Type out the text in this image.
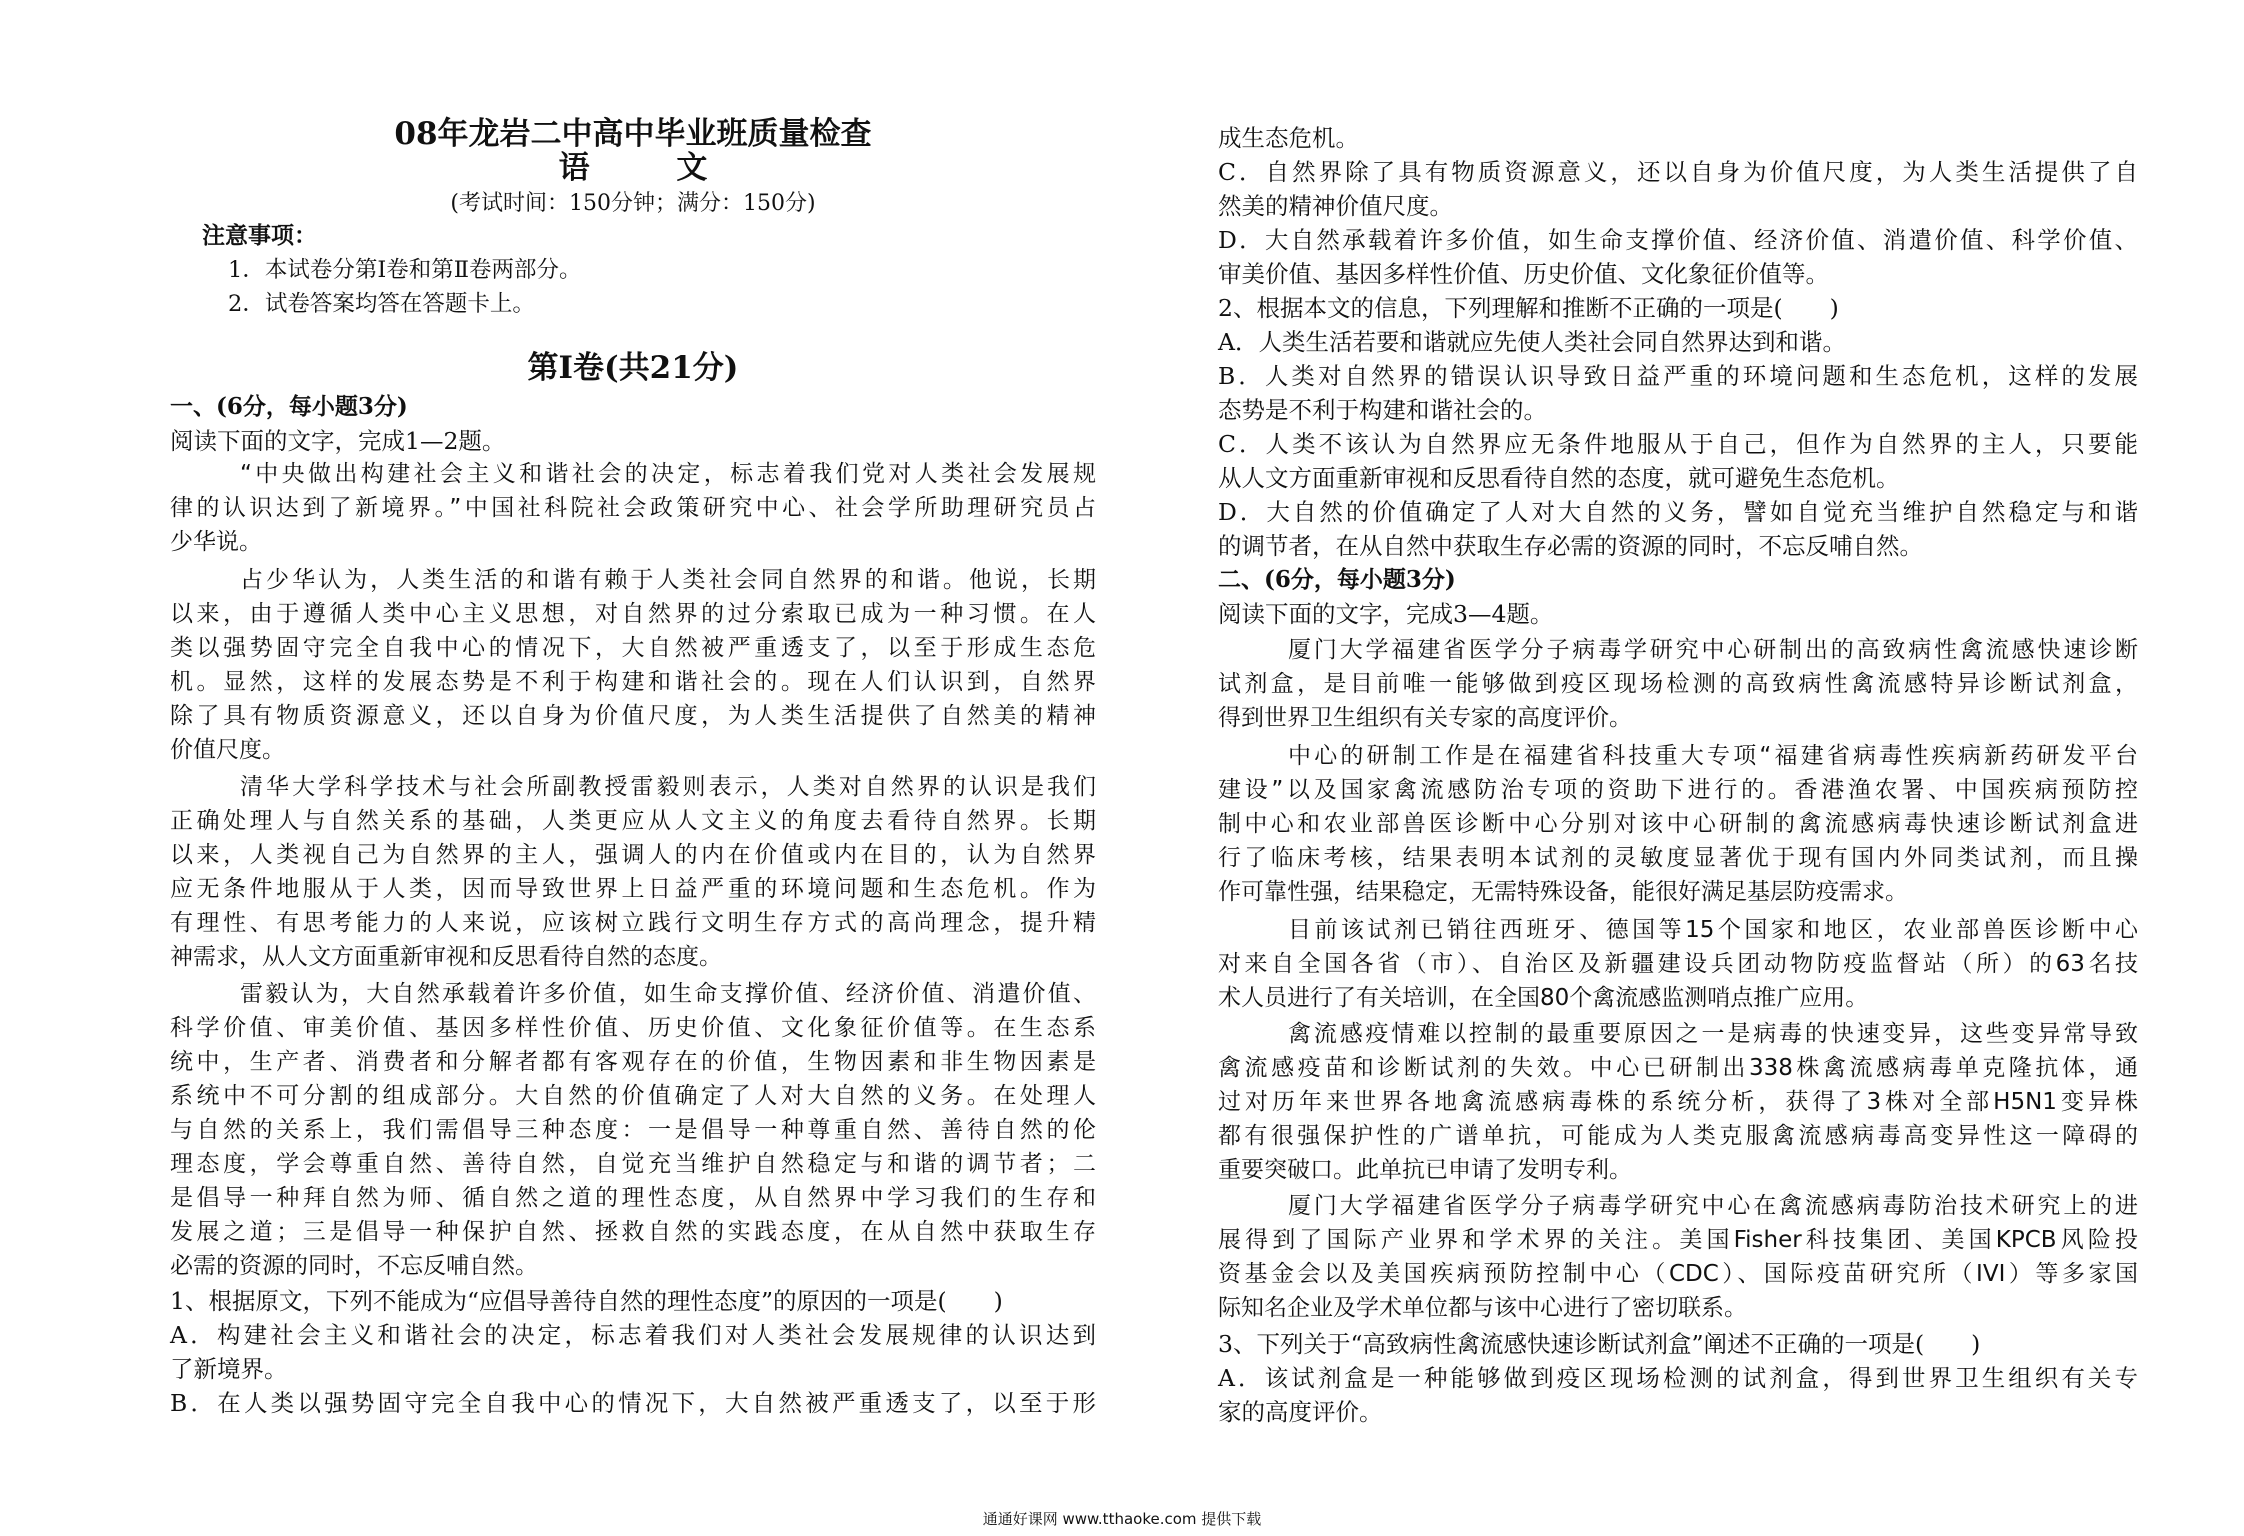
08年龙岩二中高中毕业班质量检查
语 文
(考试时间：150分钟；满分：150分)
注意事项：
1．本试卷分第Ⅰ卷和第Ⅱ卷两部分。
2．试卷答案均答在答题卡上。
第Ⅰ卷(共21分)
一、(6分，每小题3分)
阅读下面的文字，完成1—2题。
“中央做出构建社会主义和谐社会的决定，标志着我们党对人类社会发展规
律的认识达到了新境界。”中国社科院社会政策研究中心、社会学所助理研究员占
少华说。
占少华认为，人类生活的和谐有赖于人类社会同自然界的和谐。他说，长期
以来，由于遵循人类中心主义思想，对自然界的过分索取已成为一种习惯。在人
类以强势固守完全自我中心的情况下，大自然被严重透支了，以至于形成生态危
机。显然，这样的发展态势是不利于构建和谐社会的。现在人们认识到，自然界
除了具有物质资源意义，还以自身为价值尺度，为人类生活提供了自然美的精神
价值尺度。
清华大学科学技术与社会所副教授雷毅则表示，人类对自然界的认识是我们
正确处理人与自然关系的基础，人类更应从人文主义的角度去看待自然界。长期
以来，人类视自己为自然界的主人，强调人的内在价值或内在目的，认为自然界
应无条件地服从于人类，因而导致世界上日益严重的环境问题和生态危机。作为
有理性、有思考能力的人来说，应该树立践行文明生存方式的高尚理念，提升精
神需求，从人文方面重新审视和反思看待自然的态度。
雷毅认为，大自然承载着许多价值，如生命支撑价值、经济价值、消遣价值、
科学价值、审美价值、基因多样性价值、历史价值、文化象征价值等。在生态系
统中，生产者、消费者和分解者都有客观存在的价值，生物因素和非生物因素是
系统中不可分割的组成部分。大自然的价值确定了人对大自然的义务。在处理人
与自然的关系上，我们需倡导三种态度：一是倡导一种尊重自然、善待自然的伦
理态度，学会尊重自然、善待自然，自觉充当维护自然稳定与和谐的调节者；二
是倡导一种拜自然为师、循自然之道的理性态度，从自然界中学习我们的生存和
发展之道；三是倡导一种保护自然、拯救自然的实践态度，在从自然中获取生存
必需的资源的同时，不忘反哺自然。
1、根据原文，下列不能成为“应倡导善待自然的理性态度”的原因的一项是(　　)
A．构建社会主义和谐社会的决定，标志着我们对人类社会发展规律的认识达到
了新境界。
B．在人类以强势固守完全自我中心的情况下，大自然被严重透支了，以至于形
成生态危机。
C．自然界除了具有物质资源意义，还以自身为价值尺度，为人类生活提供了自
然美的精神价值尺度。
D．大自然承载着许多价值，如生命支撑价值、经济价值、消遣价值、科学价值、
审美价值、基因多样性价值、历史价值、文化象征价值等。
2、根据本文的信息，下列理解和推断不正确的一项是(　　)
A．人类生活若要和谐就应先使人类社会同自然界达到和谐。
B．人类对自然界的错误认识导致日益严重的环境问题和生态危机，这样的发展
态势是不利于构建和谐社会的。
C．人类不该认为自然界应无条件地服从于自己，但作为自然界的主人，只要能
从人文方面重新审视和反思看待自然的态度，就可避免生态危机。
D．大自然的价值确定了人对大自然的义务，譬如自觉充当维护自然稳定与和谐
的调节者，在从自然中获取生存必需的资源的同时，不忘反哺自然。
二、(6分，每小题3分)
阅读下面的文字，完成3—4题。
厦门大学福建省医学分子病毒学研究中心研制出的高致病性禽流感快速诊断
试剂盒，是目前唯一能够做到疫区现场检测的高致病性禽流感特异诊断试剂盒，
得到世界卫生组织有关专家的高度评价。
中心的研制工作是在福建省科技重大专项“福建省病毒性疾病新药研发平台
建设”以及国家禽流感防治专项的资助下进行的。香港渔农署、中国疾病预防控
制中心和农业部兽医诊断中心分别对该中心研制的禽流感病毒快速诊断试剂盒进
行了临床考核，结果表明本试剂的灵敏度显著优于现有国内外同类试剂，而且操
作可靠性强，结果稳定，无需特殊设备，能很好满足基层防疫需求。
目前该试剂已销往西班牙、德国等15个国家和地区，农业部兽医诊断中心
对来自全国各省（市）、自治区及新疆建设兵团动物防疫监督站（所）的63名技
术人员进行了有关培训，在全国80个禽流感监测哨点推广应用。
禽流感疫情难以控制的最重要原因之一是病毒的快速变异，这些变异常导致
禽流感疫苗和诊断试剂的失效。中心已研制出338株禽流感病毒单克隆抗体，通
过对历年来世界各地禽流感病毒株的系统分析，获得了3株对全部H5N1变异株
都有很强保护性的广谱单抗，可能成为人类克服禽流感病毒高变异性这一障碍的
重要突破口。此单抗已申请了发明专利。
厦门大学福建省医学分子病毒学研究中心在禽流感病毒防治技术研究上的进
展得到了国际产业界和学术界的关注。美国Fisher科技集团、美国KPCB风险投
资基金会以及美国疾病预防控制中心（CDC）、国际疫苗研究所（IVI）等多家国
际知名企业及学术单位都与该中心进行了密切联系。
3、下列关于“高致病性禽流感快速诊断试剂盒”阐述不正确的一项是(　　)
A．该试剂盒是一种能够做到疫区现场检测的试剂盒，得到世界卫生组织有关专
家的高度评价。
通通好课网 www.tthaoke.com 提供下载
